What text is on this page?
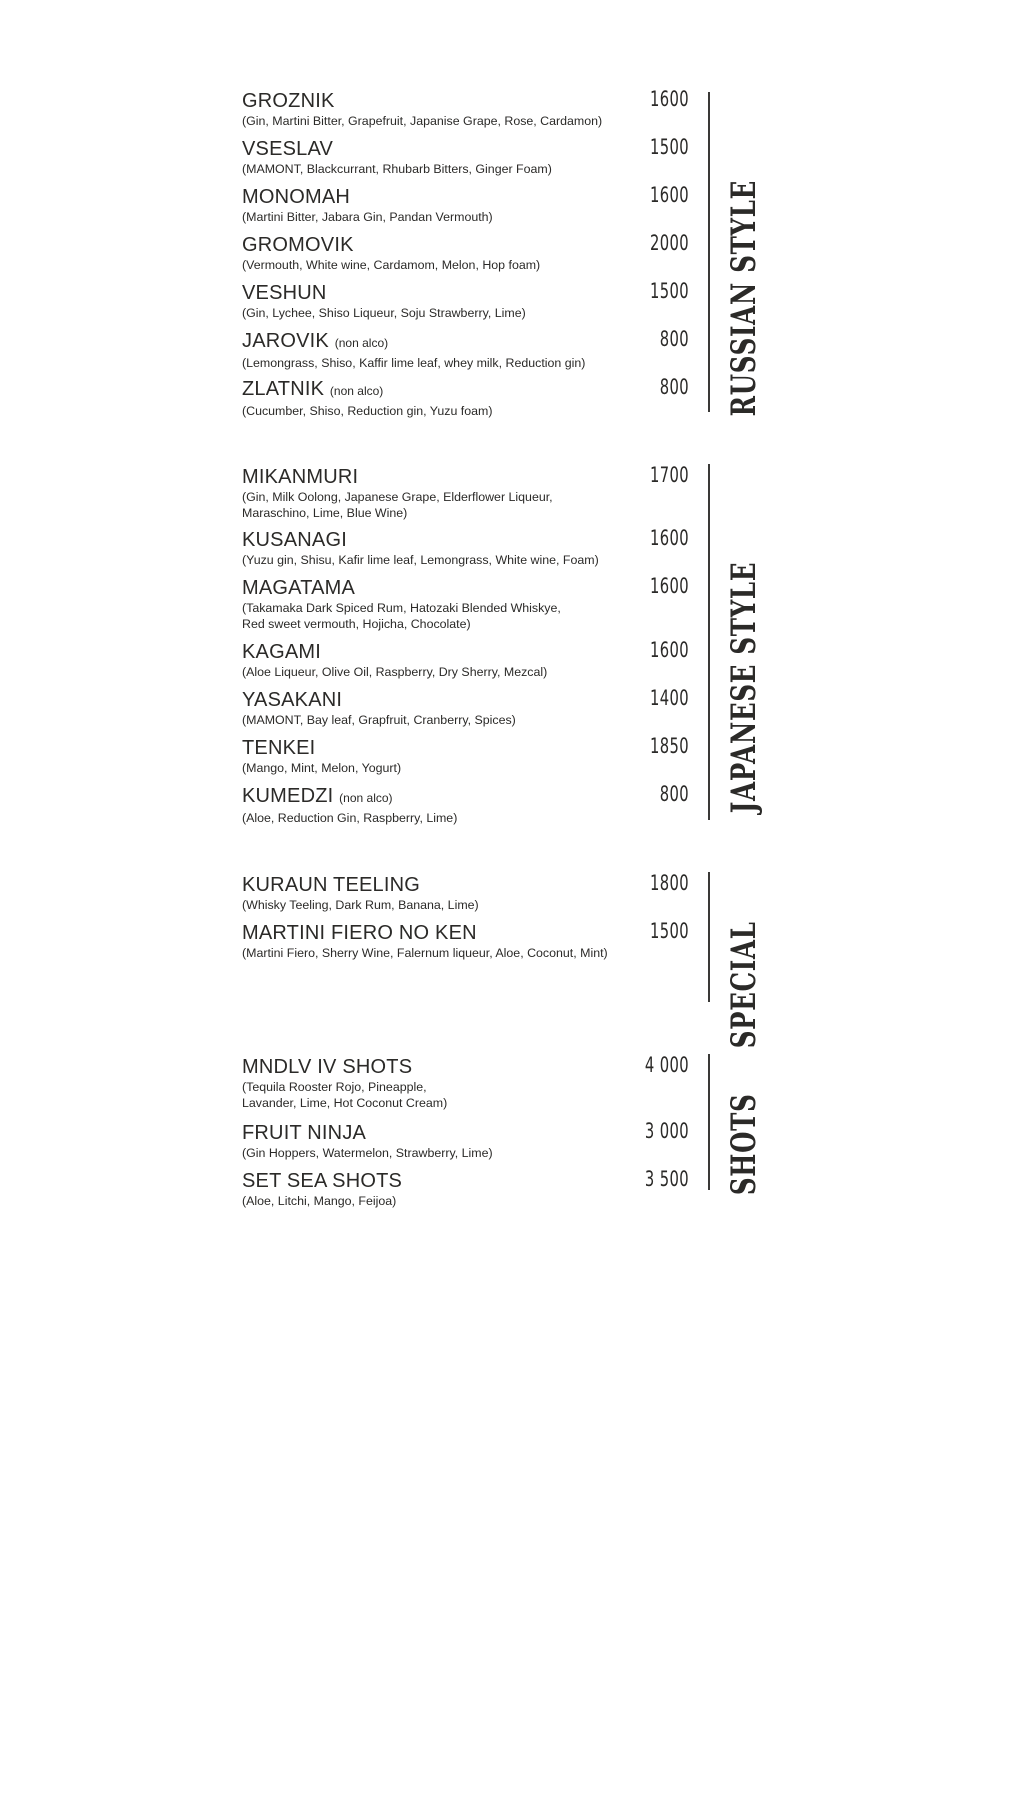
GROZNIK
(Gin, Martini Bitter, Grapefruit, Japanise Grape, Rose, Cardamon)
1600
VSESLAV
(MAMONT, Blackcurrant, Rhubarb Bitters, Ginger Foam)
1500
MONOMAH
(Martini Bitter, Jabara Gin, Pandan Vermouth)
1600
GROMOVIK
(Vermouth, White wine, Cardamom, Melon, Hop foam)
2000
VESHUN
(Gin, Lychee, Shiso Liqueur, Soju Strawberry, Lime)
1500
JAROVIK (non alco)
(Lemongrass, Shiso, Kaffir lime leaf, whey milk, Reduction gin)
800
ZLATNIK (non alco)
(Cucumber, Shiso, Reduction gin, Yuzu foam)
800 RUSSIAN STYLE
MIKANMURI
(Gin, Milk Oolong, Japanese Grape, Elderflower Liqueur,
Maraschino, Lime, Blue Wine)
1700
KUSANAGI
(Yuzu gin, Shisu, Kafir lime leaf, Lemongrass, White wine, Foam)
1600
MAGATAMA
(Takamaka Dark Spiced Rum, Hatozaki Blended Whiskye,
Red sweet vermouth, Hojicha, Chocolate)
1600
KAGAMI
(Aloe Liqueur, Olive Oil, Raspberry, Dry Sherry, Mezcal)
1600
YASAKANI
(MAMONT, Bay leaf, Grapfruit, Cranberry, Spices)
1400
TENKEI
(Mango, Mint, Melon, Yogurt)
1850
KUMEDZI (non alco)
(Aloe, Reduction Gin, Raspberry, Lime)
800 JAPANESE STYLE
KURAUN TEELING
(Whisky Teeling, Dark Rum, Banana, Lime)
1800
MARTINI FIERO NO KEN
(Martini Fiero, Sherry Wine, Falernum liqueur, Aloe, Coconut, Mint)
1500 SPECIAL
MNDLV IV SHOTS
(Tequila Rooster Rojo, Pineapple,
Lavander, Lime, Hot Coconut Cream)
4 000
FRUIT NINJA
(Gin Hoppers, Watermelon, Strawberry, Lime)
3 000
SET SEA SHOTS
(Aloe, Litchi, Mango, Feijoa)
3 500 SHOTS
